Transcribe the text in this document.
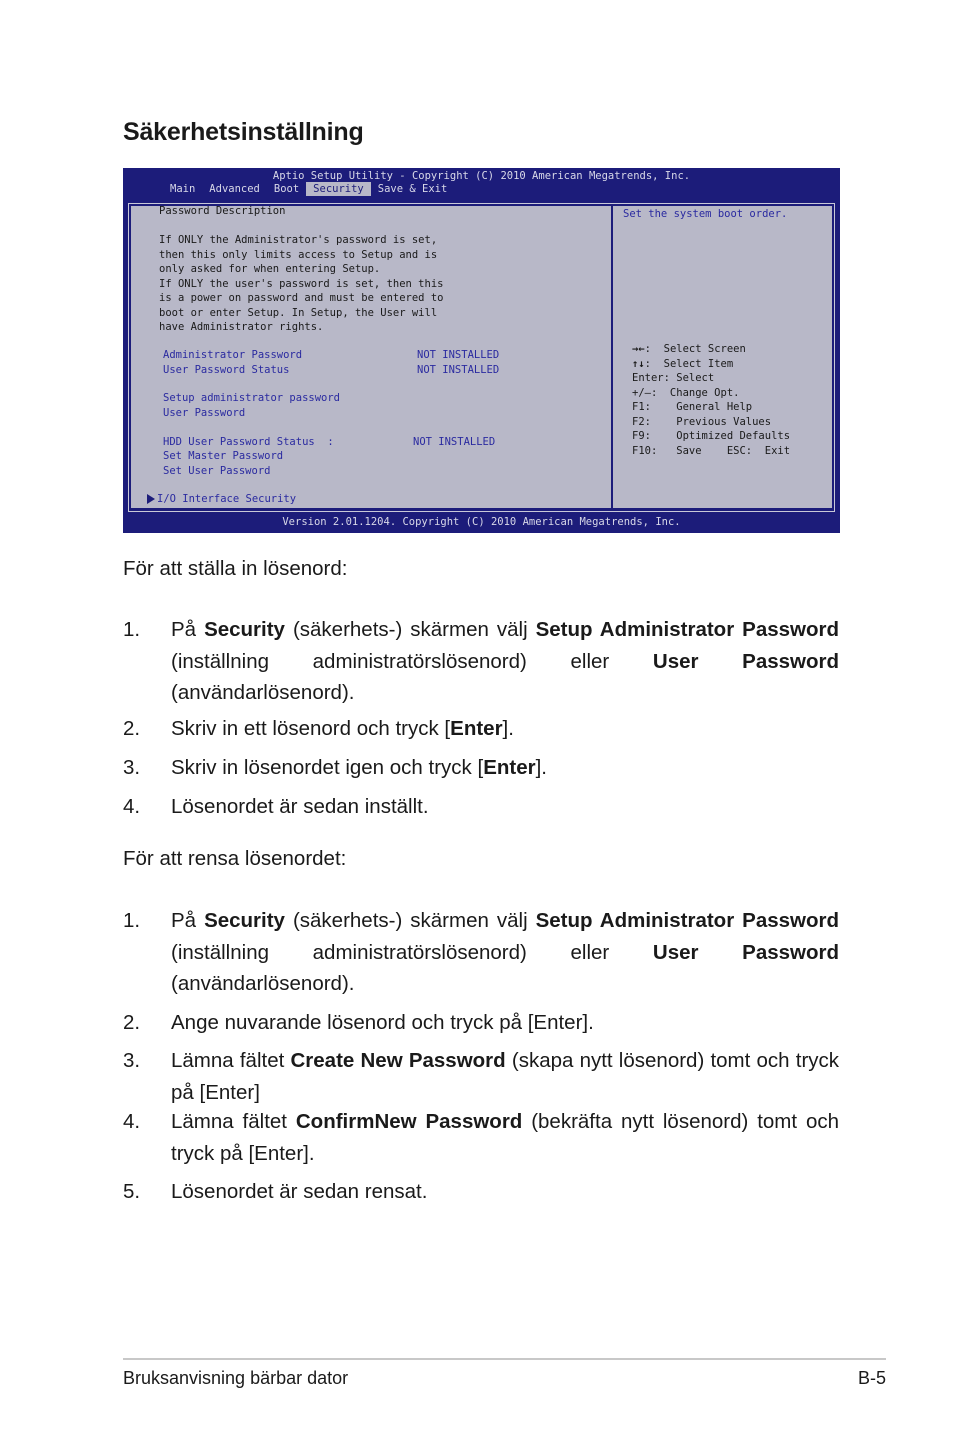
Säkerhetsinställning
Aptio Setup Utility - Copyright (C) 2010 American Megatrends, Inc.
Main	Advanced	Boot	Security	Save & Exit
Password Description
If ONLY the Administrator's password is set,
then this only limits access to Setup and is
only asked for when entering Setup.
If ONLY the user's password is set, then this
is a power on password and must be entered to
boot or enter Setup. In Setup, the User will
have Administrator rights.
Administrator Password	NOT INSTALLED
User Password Status	NOT INSTALLED
Setup administrator password
User Password
HDD User Password Status  :	NOT INSTALLED
Set Master Password
Set User Password
I/O Interface Security
Set the system boot order.
→←:  Select Screen
↑↓:  Select Item
Enter: Select
+/—:  Change Opt.
F1:    General Help
F2:    Previous Values
F9:    Optimized Defaults
F10:   Save    ESC:  Exit
Version 2.01.1204. Copyright (C) 2010 American Megatrends, Inc.
För att ställa in lösenord:
1. På Security (säkerhets-) skärmen välj Setup Administrator Password (inställning administratörslösenord) eller User Password (användarlösenord).
2. Skriv in ett lösenord och tryck [Enter].
3. Skriv in lösenordet igen och tryck [Enter].
4. Lösenordet är sedan inställt.
För att rensa lösenordet:
1. På Security (säkerhets-) skärmen välj Setup Administrator Password (inställning administratörslösenord) eller User Password (användarlösenord).
2. Ange nuvarande lösenord och tryck på [Enter].
3. Lämna fältet Create New Password (skapa nytt lösenord) tomt och tryck på [Enter]
4. Lämna fältet ConfirmNew Password (bekräfta nytt lösenord) tomt och tryck på [Enter].
5. Lösenordet är sedan rensat.
Bruksanvisning bärbar dator	B-5
